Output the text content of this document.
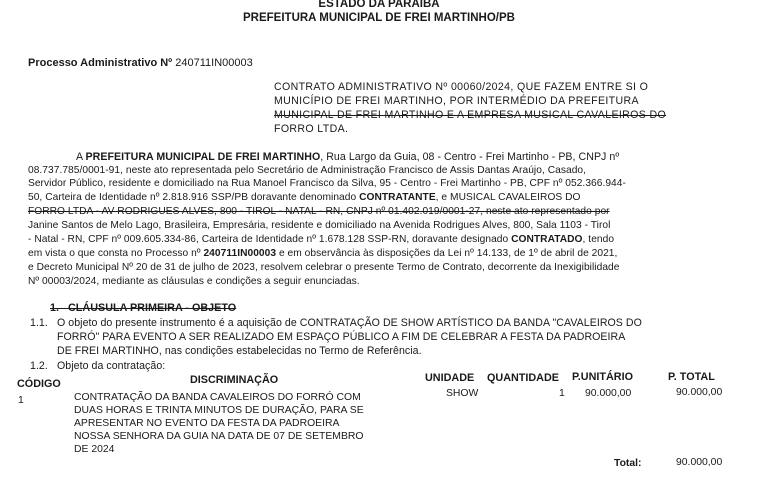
ESTADO DA PARAIBA
PREFEITURA MUNICIPAL DE FREI MARTINHO/PB
Processo Administrativo Nº 240711IN00003
CONTRATO ADMINISTRATIVO Nº 00060/2024, QUE FAZEM ENTRE SI O
MUNICÍPIO DE FREI MARTINHO, POR INTERMÉDIO DA PREFEITURA
MUNICIPAL DE FREI MARTINHO E A EMPRESA MUSICAL CAVALEIROS DO
FORRO LTDA.
A PREFEITURA MUNICIPAL DE FREI MARTINHO, Rua Largo da Guia, 08 - Centro - Frei Martinho - PB, CNPJ nº
08.737.785/0001-91, neste ato representada pelo Secretário de Administração Francisco de Assis Dantas Araújo, Casado,
Servidor Público, residente e domiciliado na Rua Manoel Francisco da Silva, 95 - Centro - Frei Martinho - PB, CPF nº 052.366.944-
50, Carteira de Identidade nº 2.818.916 SSP/PB doravante denominado CONTRATANTE, e MUSICAL CAVALEIROS DO
FORRO LTDA - AV RODRIGUES ALVES, 800 - TIROL - NATAL - RN, CNPJ nº 01.402.019/0001-27, neste ato representado por
Janine Santos de Melo Lago, Brasileira, Empresária, residente e domiciliado na Avenida Rodrigues Alves, 800, Sala 1103 - Tirol
- Natal - RN, CPF nº 009.605.334-86, Carteira de Identidade nº 1.678.128 SSP-RN, doravante designado CONTRATADO, tendo
em vista o que consta no Processo nº 240711IN00003 e em observância às disposições da Lei nº 14.133, de 1º de abril de 2021,
e Decreto Municipal Nº 20 de 31 de julho de 2023, resolvem celebrar o presente Termo de Contrato, decorrente da Inexigibilidade
Nº 00003/2024, mediante as cláusulas e condições a seguir enunciadas.
1.   CLÁUSULA PRIMEIRA - OBJETO
1.1. O objeto do presente instrumento é a aquisição de CONTRATAÇÃO DE SHOW ARTÍSTICO DA BANDA "CAVALEIROS DO
FORRÓ" PARA EVENTO A SER REALIZADO EM ESPAÇO PÚBLICO A FIM DE CELEBRAR A FESTA DA PADROEIRA
DE FREI MARTINHO, nas condições estabelecidas no Termo de Referência.
1.2. Objeto da contratação:
CÓDIGO	DISCRIMINAÇÃO	UNIDADE QUANTIDADE P.UNITÁRIO	P. TOTAL
1	CONTRATAÇÃO DA BANDA CAVALEIROS DO FORRÓ COM
DUAS HORAS E TRINTA MINUTOS DE DURAÇÃO, PARA SE
APRESENTAR NO EVENTO DA FESTA DA PADROEIRA
NOSSA SENHORA DA GUIA NA DATA DE 07 DE SETEMBRO
DE 2024
SHOW	1 90.000,00	90.000,00
Total:	90.000,00
